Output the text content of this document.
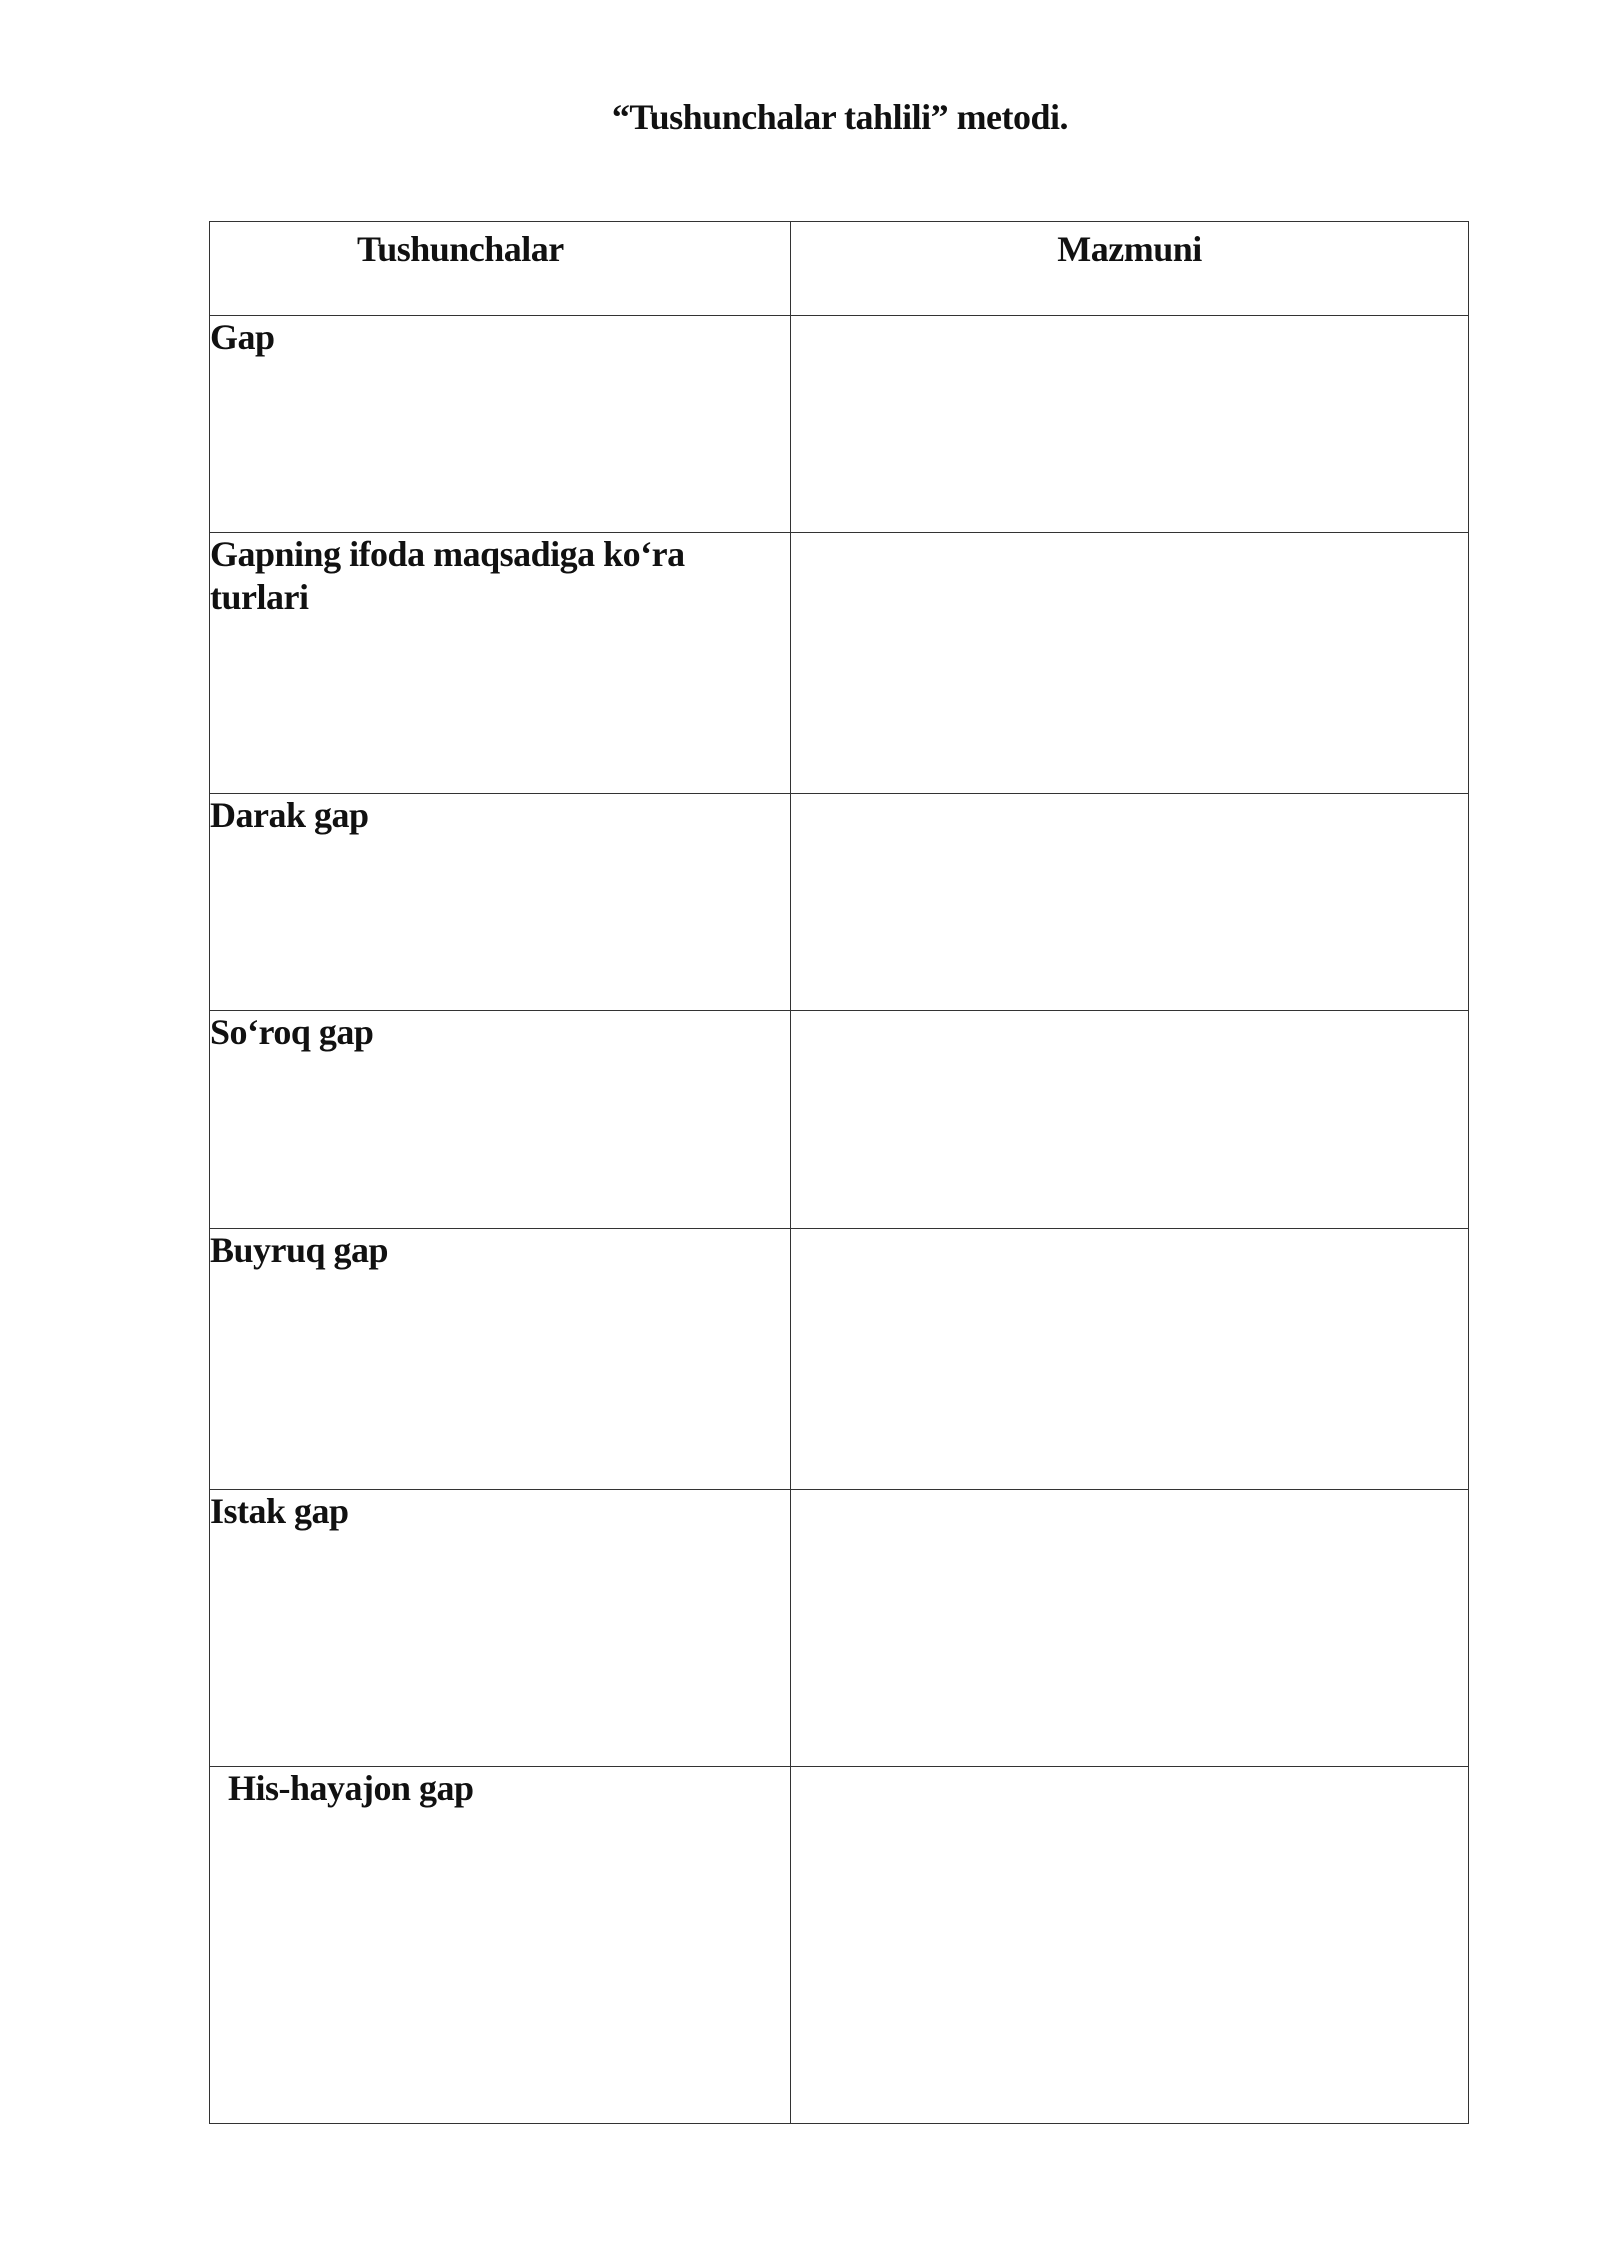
“Tushunchalar tahlili” metodi.
Tushunchalar	Mazmuni
Gap	
Gapning ifoda maqsadiga ko‘ra turlari	
Darak gap	
So‘roq gap	
Buyruq gap	
Istak gap	
His-hayajon gap	
